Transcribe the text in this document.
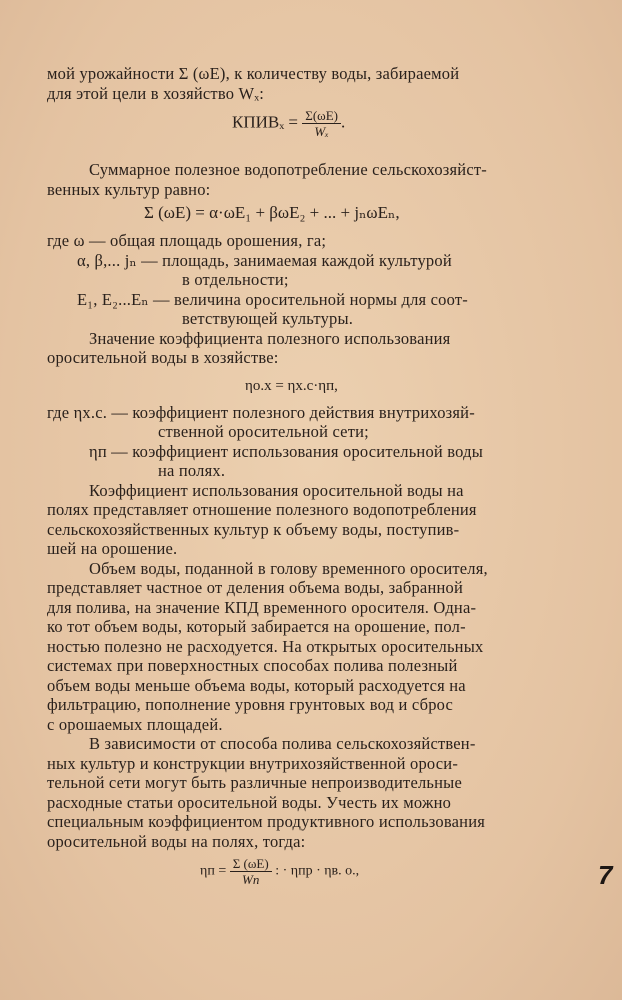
мой урожайности Σ (ωE), к количеству воды, забираемой
для этой цели в хозяйство Wₓ:
КПИВₓ = $\frac{\Sigma(\omega E)}{\text{Wₓ}}$ .
Суммарное полезное водопотребление сельскохозяйст-
венных культур равно:
Σ (ωE) = α·ωE₁ + βωE₂ + ... + jₙωEₙ,
где ω — общая площадь орошения, га;
α, β,... jₙ — площадь, занимаемая каждой культурой
в отдельности;
E₁, E₂...Eₙ — величина оросительной нормы для соот-
ветствующей культуры.
Значение коэффициента полезного использования
оросительной воды в хозяйстве:
ηо.х = ηх.с·ηп,
где ηх.с. — коэффициент полезного действия внутрихозяй-
ственной оросительной сети;
ηп — коэффициент использования оросительной воды
на полях.
Коэффициент использования оросительной воды на
полях представляет отношение полезного водопотребления
сельскохозяйственных культур к объему воды, поступив-
шей на орошение.
Объем воды, поданной в голову временного оросителя,
представляет частное от деления объема воды, забранной
для полива, на значение КПД временного оросителя. Одна-
ко тот объем воды, который забирается на орошение, пол-
ностью полезно не расходуется. На открытых оросительных
системах при поверхностных способах полива полезный
объем воды меньше объема воды, который расходуется на
фильтрацию, пополнение уровня грунтовых вод и сброс
с орошаемых площадей.
В зависимости от способа полива сельскохозяйствен-
ных культур и конструкции внутрихозяйственной ороси-
тельной сети могут быть различные непроизводительные
расходные статьи оросительной воды. Учесть их можно
специальным коэффициентом продуктивного использования
оросительной воды на полях, тогда:
$\eta п = \frac{\Sigma (\omega E)}{Wп}$ : · ηпр · ηв. о.,	7
